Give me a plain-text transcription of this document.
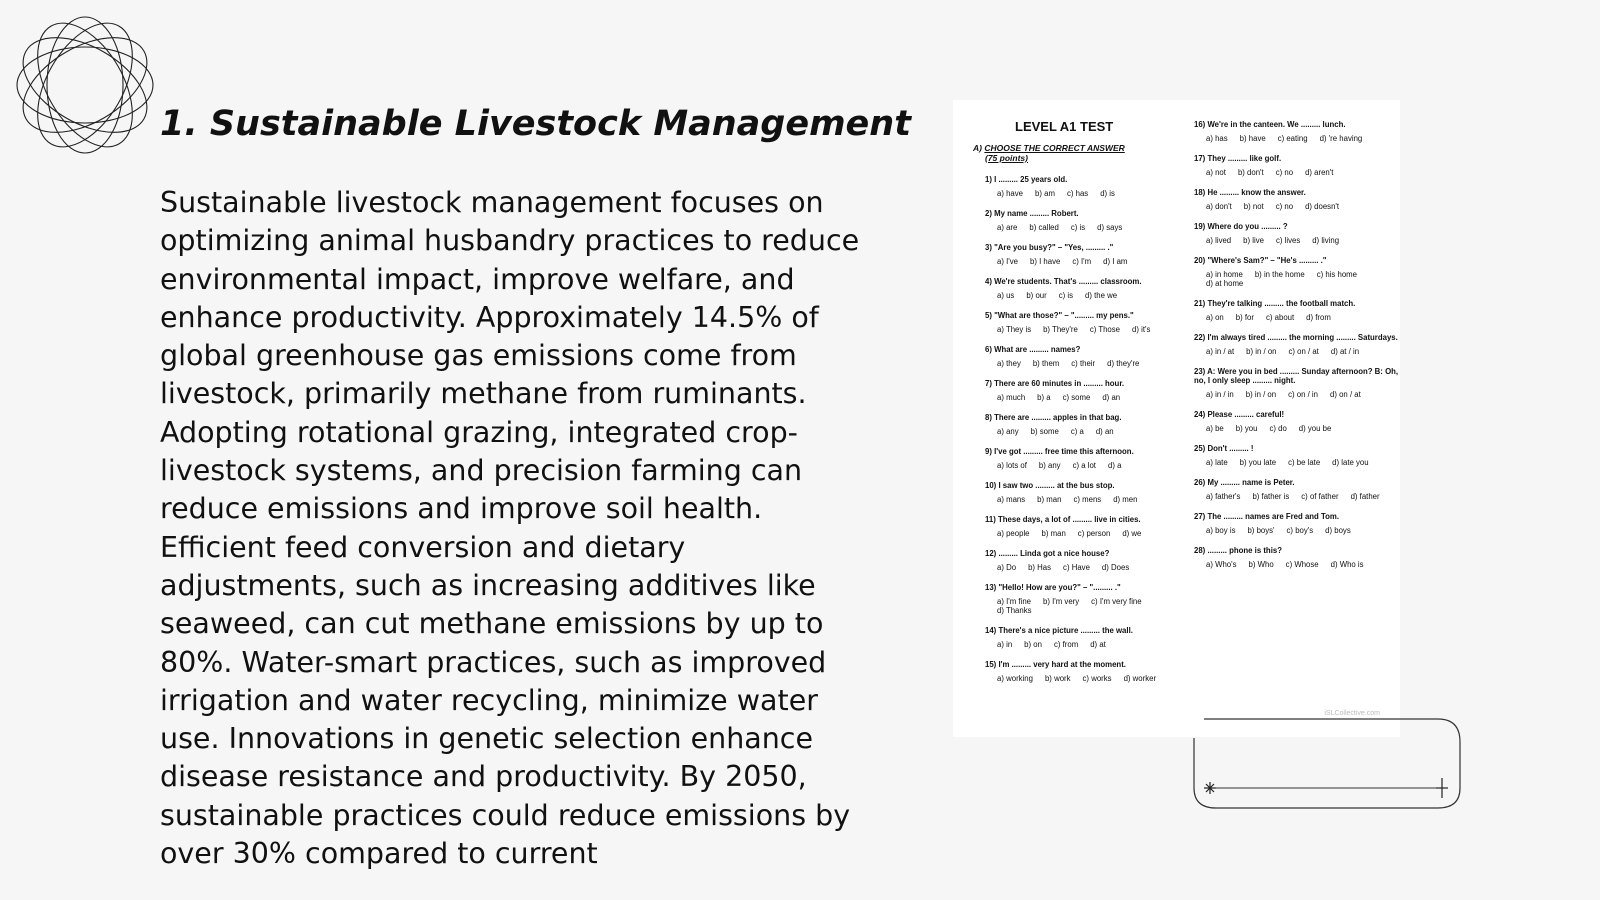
1. Sustainable Livestock Management

Sustainable livestock management focuses on optimizing animal husbandry practices to reduce environmental impact, improve welfare, and enhance productivity. Approximately 14.5% of global greenhouse gas emissions come from livestock, primarily methane from ruminants. Adopting rotational grazing, integrated crop-livestock systems, and precision farming can reduce emissions and improve soil health. Efficient feed conversion and dietary adjustments, such as increasing additives like seaweed, can cut methane emissions by up to 80%. Water-smart practices, such as improved irrigation and water recycling, minimize water use. Innovations in genetic selection enhance disease resistance and productivity. By 2050, sustainable practices could reduce emissions by over 30% compared to current

LEVEL A1 TEST
A) CHOOSE THE CORRECT ANSWER
(75 points)
1) I ......... 25 years old.
a) have b) am c) has d) is
2) My name ......... Robert.
a) are b) called c) is d) says
3) "Are you busy?" – "Yes, ......... ."
a) I've b) I have c) I'm d) I am
4) We're students. That's ......... classroom.
a) us b) our c) is d) the we
5) "What are those?" – "......... my pens."
a) They is b) They're c) Those d) it's
6) What are ......... names?
a) they b) them c) their d) they're
7) There are 60 minutes in ......... hour.
a) much b) a c) some d) an
8) There are ......... apples in that bag.
a) any b) some c) a d) an
9) I've got ......... free time this afternoon.
a) lots of b) any c) a lot d) a
10) I saw two ......... at the bus stop.
a) mans b) man c) mens d) men
11) These days, a lot of ......... live in cities.
a) people b) man c) person d) we
12) ......... Linda got a nice house?
a) Do b) Has c) Have d) Does
13) "Hello! How are you?" – "......... ."
a) I'm fine b) I'm very c) I'm very fined) Thanks
14) There's a nice picture ......... the wall.
a) in b) on c) from d) at
15) I'm ......... very hard at the moment.
a) working b) work c) works d) worker
16) We're in the canteen. We ......... lunch.
a) has b) have c) eating d) 're having
17) They ......... like golf.
a) not b) don't c) no d) aren't
18) He ......... know the answer.
a) don't b) not c) no d) doesn't
19) Where do you ......... ?
a) lived b) live c) lives d) living
20) "Where's Sam?" – "He's ......... ."
a) in home b) in the home c) his homed) at home
21) They're talking ......... the football match.
a) on b) for c) about d) from
22) I'm always tired ......... the morning ......... Saturdays.
a) in / at b) in / on c) on / at d) at / in
23) A: Were you in bed ......... Sunday afternoon? B: Oh, no, I only sleep ......... night.
a) in / in b) in / on c) on / in d) on / at
24) Please ......... careful!
a) be b) you c) do d) you be
25) Don't ......... !
a) late b) you late c) be late d) late you
26) My ......... name is Peter.
a) father's b) father is c) of father d) father
27) The ......... names are Fred and Tom.
a) boy is b) boys' c) boy's d) boys
28) ......... phone is this?
a) Who's b) Who c) Whose d) Who is
iSLCollective.com
